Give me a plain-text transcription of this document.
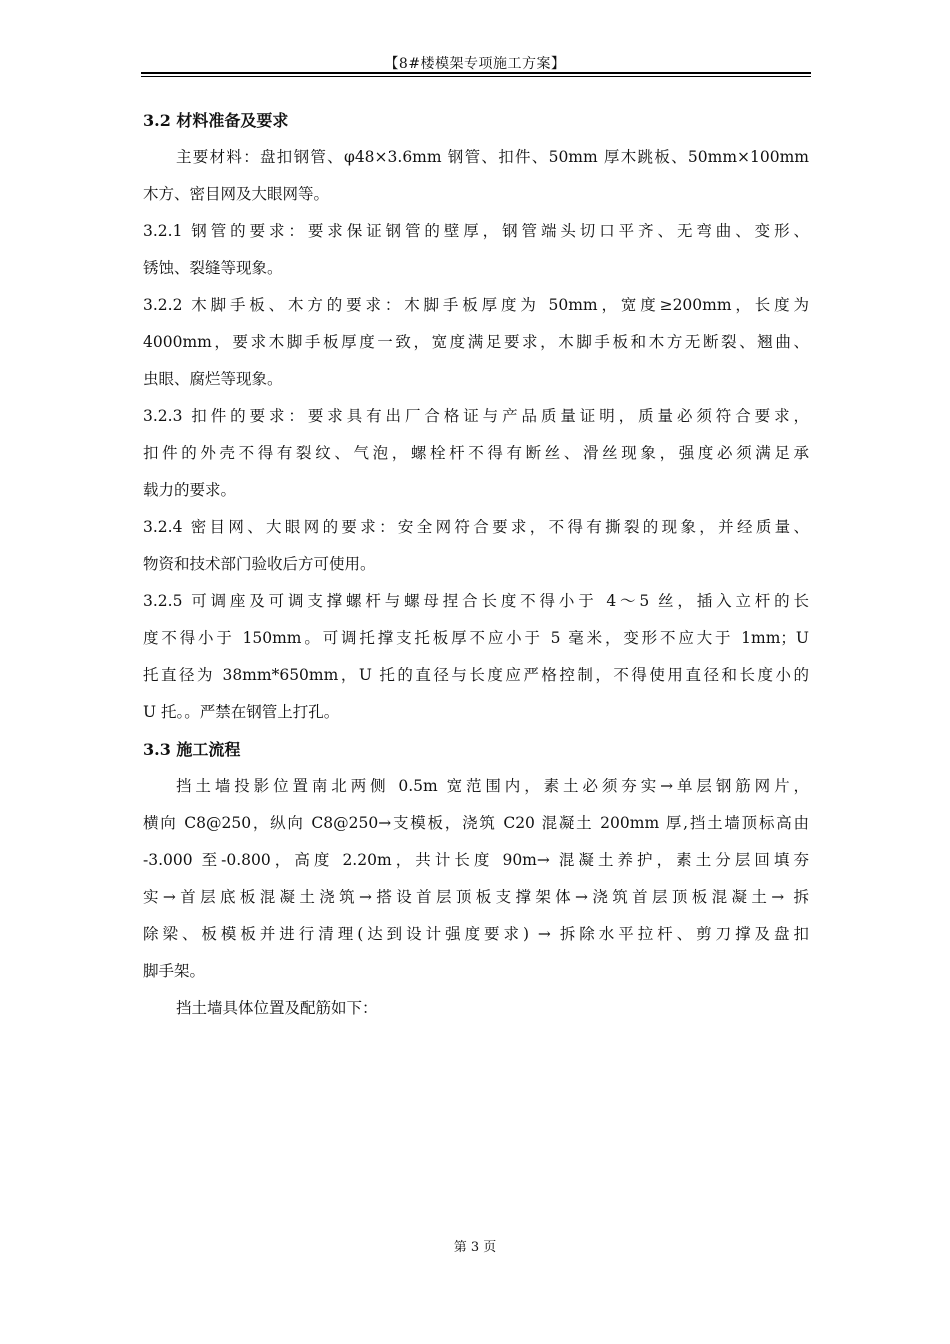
【8#楼模架专项施工方案】
3.2 材料准备及要求
主要材料：盘扣钢管、φ48×3.6mm 钢管、扣件、50mm 厚木跳板、50mm×100mm
木方、密目网及大眼网等。
3.2.1 钢管的要求：要求保证钢管的壁厚，钢管端头切口平齐、无弯曲、变形、
锈蚀、裂缝等现象。
3.2.2 木脚手板、木方的要求：木脚手板厚度为 50mm，宽度≥200mm，长度为
4000mm，要求木脚手板厚度一致，宽度满足要求，木脚手板和木方无断裂、翘曲、
虫眼、腐烂等现象。
3.2.3 扣件的要求：要求具有出厂合格证与产品质量证明，质量必须符合要求，
扣件的外壳不得有裂纹、气泡，螺栓杆不得有断丝、滑丝现象，强度必须满足承
载力的要求。
3.2.4 密目网、大眼网的要求：安全网符合要求，不得有撕裂的现象，并经质量、
物资和技术部门验收后方可使用。
3.2.5 可调座及可调支撑螺杆与螺母捏合长度不得小于 4～5 丝，插入立杆的长
度不得小于 150mm。可调托撑支托板厚不应小于 5 毫米，变形不应大于 1mm；U
托直径为 38mm*650mm，U 托的直径与长度应严格控制，不得使用直径和长度小的
U 托。。严禁在钢管上打孔。
3.3 施工流程
挡土墙投影位置南北两侧 0.5m 宽范围内，素土必须夯实→单层钢筋网片，
横向 C8@250，纵向 C8@250→支模板，浇筑 C20 混凝土 200mm 厚,挡土墙顶标高由
-3.000 至-0.800，高度 2.20m，共计长度 90m→ 混凝土养护，素土分层回填夯
实→首层底板混凝土浇筑→搭设首层顶板支撑架体→浇筑首层顶板混凝土→ 拆
除梁、板模板并进行清理(达到设计强度要求) → 拆除水平拉杆、剪刀撑及盘扣
脚手架。
挡土墙具体位置及配筋如下：
第 3 页
